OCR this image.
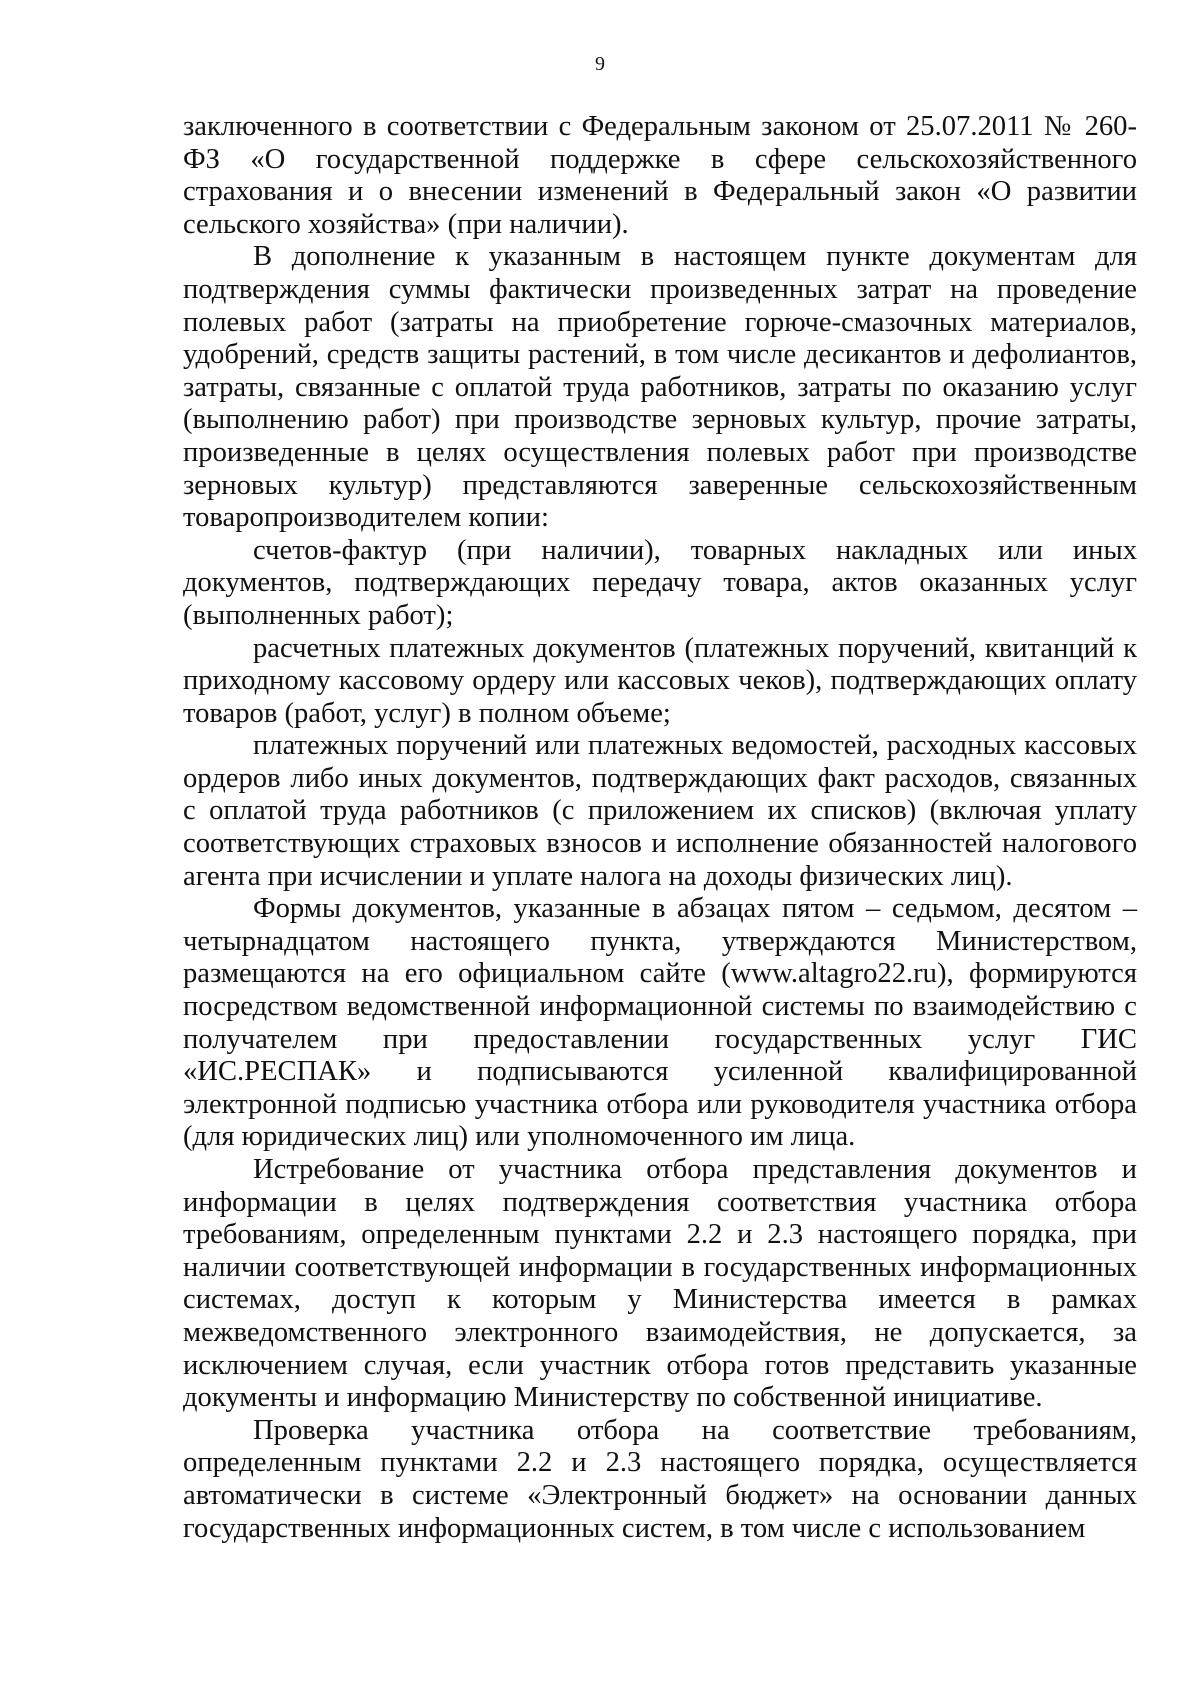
9

заключенного в соответствии с Федеральным законом от 25.07.2011 № 260-ФЗ «О государственной поддержке в сфере сельскохозяйственного страхования и о внесении изменений в Федеральный закон «О развитии сельского хозяйства» (при наличии).

В дополнение к указанным в настоящем пункте документам для подтверждения суммы фактически произведенных затрат на проведение полевых работ (затраты на приобретение горюче-смазочных материалов, удобрений, средств защиты растений, в том числе десикантов и дефолиантов, затраты, связанные с оплатой труда работников, затраты по оказанию услуг (выполнению работ) при производстве зерновых культур, прочие затраты, произведенные в целях осуществления полевых работ при производстве зерновых культур) представляются заверенные сельскохозяйственным товаропроизводителем копии:

счетов-фактур (при наличии), товарных накладных или иных документов, подтверждающих передачу товара, актов оказанных услуг (выполненных работ);

расчетных платежных документов (платежных поручений, квитанций к приходному кассовому ордеру или кассовых чеков), подтверждающих оплату товаров (работ, услуг) в полном объеме;

платежных поручений или платежных ведомостей, расходных кассовых ордеров либо иных документов, подтверждающих факт расходов, связанных с оплатой труда работников (с приложением их списков) (включая уплату соответствующих страховых взносов и исполнение обязанностей налогового агента при исчислении и уплате налога на доходы физических лиц).

Формы документов, указанные в абзацах пятом – седьмом, десятом – четырнадцатом настоящего пункта, утверждаются Министерством, размещаются на его официальном сайте (www.altagro22.ru), формируются посредством ведомственной информационной системы по взаимодействию с получателем при предоставлении государственных услуг ГИС «ИС.РЕСПАК» и подписываются усиленной квалифицированной электронной подписью участника отбора или руководителя участника отбора (для юридических лиц) или уполномоченного им лица.

Истребование от участника отбора представления документов и информации в целях подтверждения соответствия участника отбора требованиям, определенным пунктами 2.2 и 2.3 настоящего порядка, при наличии соответствующей информации в государственных информационных системах, доступ к которым у Министерства имеется в рамках межведомственного электронного взаимодействия, не допускается, за исключением случая, если участник отбора готов представить указанные документы и информацию Министерству по собственной инициативе.

Проверка участника отбора на соответствие требованиям, определенным пунктами 2.2 и 2.3 настоящего порядка, осуществляется автоматически в системе «Электронный бюджет» на основании данных государственных информационных систем, в том числе с использованием
